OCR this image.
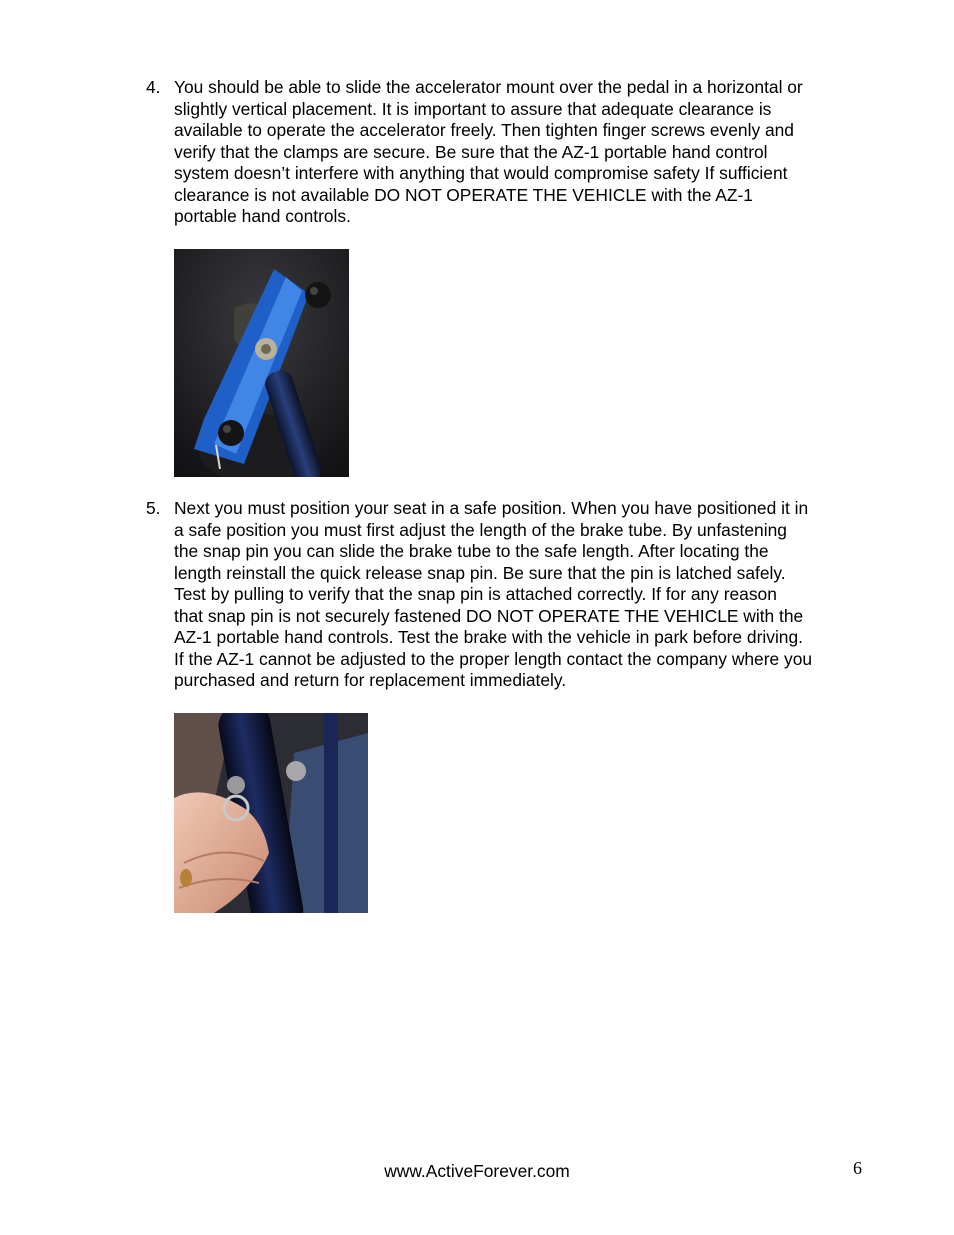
4. You should be able to slide the accelerator mount over the pedal in a horizontal or
slightly vertical placement. It is important to assure that adequate clearance is
available to operate the accelerator freely. Then tighten finger screws evenly and
verify that the clamps are secure. Be sure that the AZ-1 portable hand control
system doesn’t interfere with anything that would compromise safety If sufficient
clearance is not available DO NOT OPERATE THE VEHICLE with the AZ-1
portable hand controls.
5. Next you must position your seat in a safe position. When you have positioned it in
a safe position you must first adjust the length of the brake tube. By unfastening
the snap pin you can slide the brake tube to the safe length. After locating the
length reinstall the quick release snap pin. Be sure that the pin is latched safely.
Test by pulling to verify that the snap pin is attached correctly. If for any reason
that snap pin is not securely fastened DO NOT OPERATE THE VEHICLE with the
AZ-1 portable hand controls. Test the brake with the vehicle in park before driving.
If the AZ-1 cannot be adjusted to the proper length contact the company where you
purchased and return for replacement immediately.
www.ActiveForever.com	6
